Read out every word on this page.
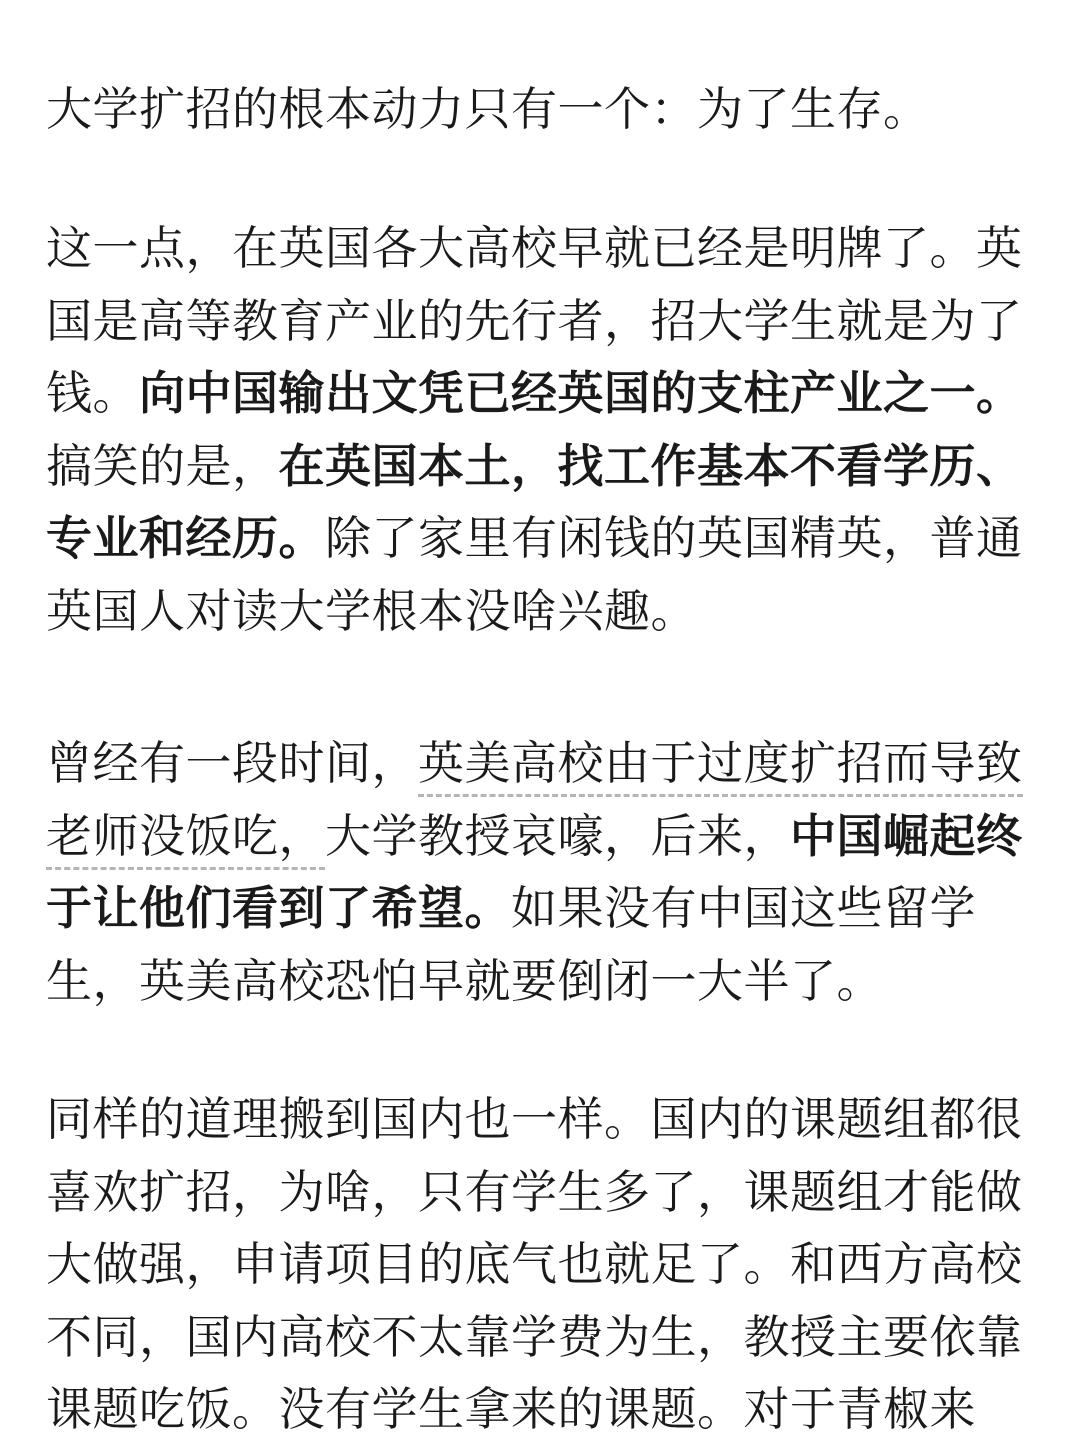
大学扩招的根本动力只有一个：为了生存。

这一点，在英国各大高校早就已经是明牌了。英国是高等教育产业的先行者，招大学生就是为了钱。向中国输出文凭已经英国的支柱产业之一。搞笑的是，在英国本土，找工作基本不看学历、专业和经历。除了家里有闲钱的英国精英，普通英国人对读大学根本没啥兴趣。

曾经有一段时间，英美高校由于过度扩招而导致老师没饭吃，大学教授哀嚎，后来，中国崛起终于让他们看到了希望。如果没有中国这些留学生，英美高校恐怕早就要倒闭一大半了。

同样的道理搬到国内也一样。国内的课题组都很喜欢扩招，为啥，只有学生多了，课题组才能做大做强，申请项目的底气也就足了。和西方高校不同，国内高校不太靠学费为生，教授主要依靠课题吃饭。没有学生拿来的课题。对于青椒来
